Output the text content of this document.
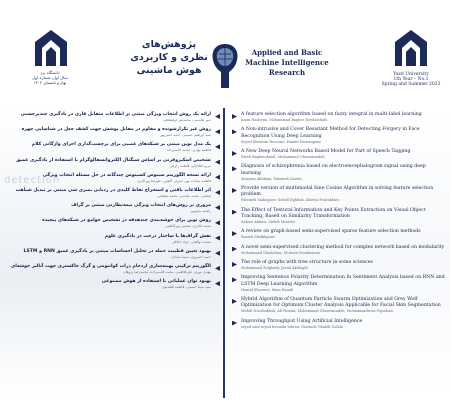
دانشگاه یزد
سال اول، شماره اول
بهار و تابستان ۱۴۰۲
Yazd University
1th Year – No.1
Spring and Summer 2023
پژوهش‌های نظری و کاربردی هوش ماشینی
Applied and Basic Machine Intelligence Research
detection
ارائه یک روش انتخاب ویژگی مبتنی بر اطلاعات متقابل فازی در یادگیری چندبرچسبی
امیر هاشمی، محمدبقر دولتشاهی
روش غیر تکرارشونده و مقاوم در مقابل پوشش جهت کشف جعل در شناسایی چهره
سید ابراهیم حسینی، حامد حسن‌پور
یک مدل نوین مبتنی بر شبکه‌های عصبی برای برچسب‌گذاری اجزای واژگانی کلام
فاطمه بهاری، محمد قاسم‌زاده
تشخیص اسکیزوفرنی بر اساس سیگنال الکتروانسفالوگرام با استفاده از یادگیری عمیق
مریم افلاکیان، فاطمه زارعی
ارائه نسخه الگوریتم سینوس کسینوس چندگانه در حل مسئله انتخاب ویژگی
فاطمه سادات پور، اشرف گلچین، علیرضا پوراکبری
اثر اطلاعات بافتی و استخراج نقاط کلیدی در ردیابی بصری شی مبتنی بر تبدیل شباهت
صفایی، محمد عباسی، محمد مصلحی
مروری بر روش‌های انتخاب ویژگی نیمه‌نظارتی مبتنی بر گراف
راضیه شیخ‌پور
روش نوین برای خوشه‌بندی چندهدفه در تشخیص جوامع در شبکه‌های پیچیده
محمد قادری، محسن پورکاظمی
نقش گراف‌ها با ساختار درخت در یادگیری علوم
محمد ذوالقدر، جواد اخلاقی
بهبود تعیین قطبیت جمله در تحلیل احساسات مبتنی بر یادگیری عمیق RNN و LSTM
حمید خسروی، سیما عمادی
الگوریتم ترکیبی بهینه‌سازی ازدحام ذرات کوانتومی و گرگ خاکستری جهت آنالیز خوشه‌ای
مهدی نوری، علی‌فاطمی، محمد قاسم‌زاده، محمدرضا پژوهان
بهبود توان عملیاتی با استفاده از هوش مصنوعی
سید سینا حسینی، فاطمه قلعه‌نوی
A feature selection algorithm based on fuzzy integral in multi-label learning
Amin Hashemi, Mohammad Bagher Dowlatshahi
A Non-intrusive and Cover Resistant Method for Detecting Forgery in Face Recognition Using Deep Learning
Seyed Ebrahim Hosseini, Hamid Hassanpour
A New Deep Neural Networks Based Model for Part of Speech Tagging
Fateh Baghmohmal, Mohammad Ghasemzadeh
Diagnosis of schizophrenia based on electroencephalogram signal using deep learning
Maryam Aflakian, Fatemeh Zarehi
Provide version of multimodal Sine Cosine Algorithm in solving feature selection problem
Fatemeh Sadatpour, Sohell Eghbali, Alireza Pourakbari
The Effect of Textural Information and Key Points Extraction on Visual Object Tracking, Based on Similarity Transformation
Safaee Abbasi, Mehdi Moslehi
A review on graph-based semi-supervised sparse feature selection methods
Razieh Sheikhpour
A novel semi-supervised clustering method for complex network based on modularity
Mohammad Ghaderian, Mohsen Pourkazemi
The role of graphs with tree structure in some sciences
Mohammad Zolghadr, Javad Akhlaghi
Improving Sentence Polarity Determination In Sentiment Analysis based on RNN and LSTM Deep Learning Algorithm
Hamid Khosravi, Sima Emadi
Hybrid Algorithm of Quantum Particle Swarm Optimization and Grey Wolf Optimization for Optimum Cluster Analysis Applicable for Facial Skin Segmentation
Mehdi Noorbakhsh, Ali Fatemi, Mohammad Ghasemzadeh, Mohammadreza Pajoohan
Improving Throughput Using Artificial Intelligence
seyed sina seyed hosseini tabrizi, Fatemeh Ghaleh Golabi
